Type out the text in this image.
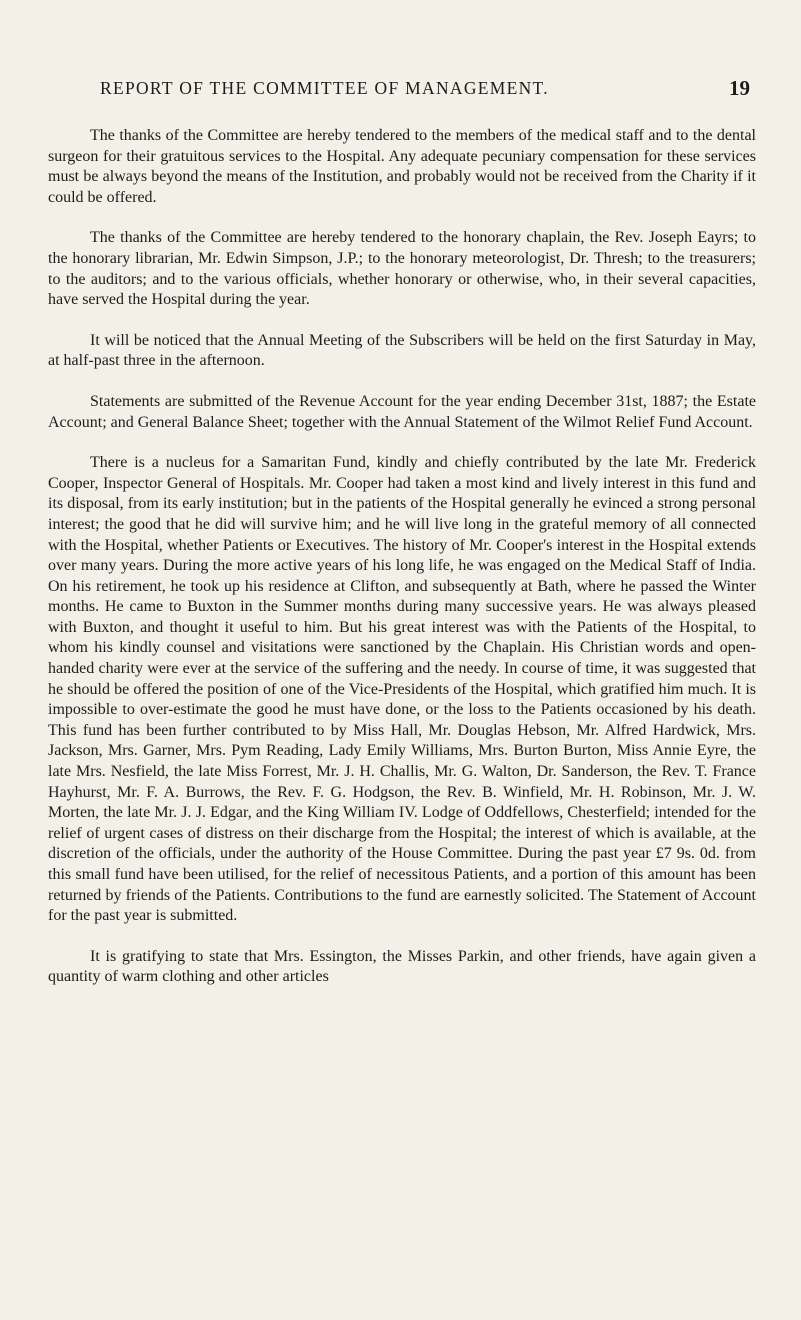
REPORT OF THE COMMITTEE OF MANAGEMENT.	19

The thanks of the Committee are hereby tendered to the members of the medical staff and to the dental surgeon for their gratuitous services to the Hospital. Any adequate pecuniary compensation for these services must be always beyond the means of the Institution, and probably would not be received from the Charity if it could be offered.

The thanks of the Committee are hereby tendered to the honorary chaplain, the Rev. Joseph Eayrs; to the honorary librarian, Mr. Edwin Simpson, J.P.; to the honorary meteorologist, Dr. Thresh; to the treasurers; to the auditors; and to the various officials, whether honorary or otherwise, who, in their several capacities, have served the Hospital during the year.

It will be noticed that the Annual Meeting of the Subscribers will be held on the first Saturday in May, at half-past three in the afternoon.

Statements are submitted of the Revenue Account for the year ending December 31st, 1887; the Estate Account; and General Balance Sheet; together with the Annual Statement of the Wilmot Relief Fund Account.

There is a nucleus for a Samaritan Fund, kindly and chiefly contributed by the late Mr. Frederick Cooper, Inspector General of Hospitals. Mr. Cooper had taken a most kind and lively interest in this fund and its disposal, from its early institution; but in the patients of the Hospital generally he evinced a strong personal interest; the good that he did will survive him; and he will live long in the grateful memory of all connected with the Hospital, whether Patients or Executives. The history of Mr. Cooper's interest in the Hospital extends over many years. During the more active years of his long life, he was engaged on the Medical Staff of India. On his retirement, he took up his residence at Clifton, and subsequently at Bath, where he passed the Winter months. He came to Buxton in the Summer months during many successive years. He was always pleased with Buxton, and thought it useful to him. But his great interest was with the Patients of the Hospital, to whom his kindly counsel and visitations were sanctioned by the Chaplain. His Christian words and open-handed charity were ever at the service of the suffering and the needy. In course of time, it was suggested that he should be offered the position of one of the Vice-Presidents of the Hospital, which gratified him much. It is impossible to over-estimate the good he must have done, or the loss to the Patients occasioned by his death. This fund has been further contributed to by Miss Hall, Mr. Douglas Hebson, Mr. Alfred Hardwick, Mrs. Jackson, Mrs. Garner, Mrs. Pym Reading, Lady Emily Williams, Mrs. Burton Burton, Miss Annie Eyre, the late Mrs. Nesfield, the late Miss Forrest, Mr. J. H. Challis, Mr. G. Walton, Dr. Sanderson, the Rev. T. France Hayhurst, Mr. F. A. Burrows, the Rev. F. G. Hodgson, the Rev. B. Winfield, Mr. H. Robinson, Mr. J. W. Morten, the late Mr. J. J. Edgar, and the King William IV. Lodge of Oddfellows, Chesterfield; intended for the relief of urgent cases of distress on their discharge from the Hospital; the interest of which is available, at the discretion of the officials, under the authority of the House Committee. During the past year £7 9s. 0d. from this small fund have been utilised, for the relief of necessitous Patients, and a portion of this amount has been returned by friends of the Patients. Contributions to the fund are earnestly solicited. The Statement of Account for the past year is submitted.

It is gratifying to state that Mrs. Essington, the Misses Parkin, and other friends, have again given a quantity of warm clothing and other articles
